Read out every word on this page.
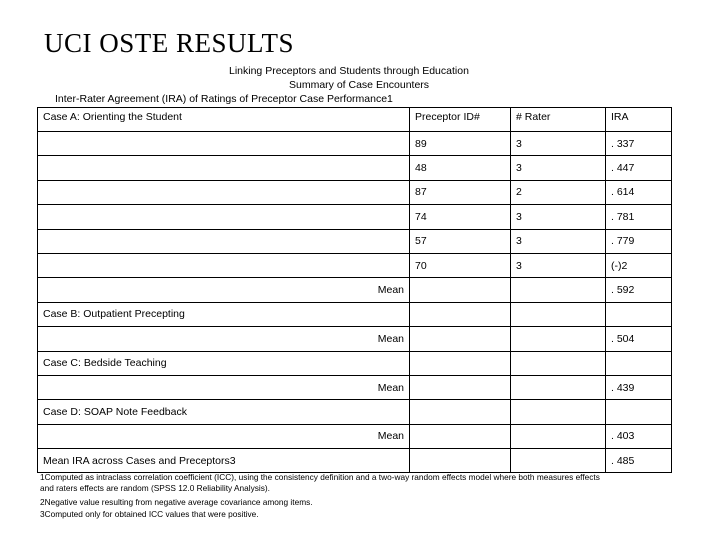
UCI OSTE RESULTS
Linking Preceptors and Students through Education
Summary of Case Encounters
Inter-Rater Agreement (IRA) of Ratings of Preceptor Case Performance1
Case A: Orienting the Student	Preceptor ID#	# Rater	IRA
	89	3	. 337
	48	3	. 447
	87	2	. 614
	74	3	. 781
	57	3	. 779
	70	3	(-)2
Mean			. 592
Case B: Outpatient Precepting			
Mean			. 504
Case C: Bedside Teaching			
Mean			. 439
Case D: SOAP Note Feedback			
Mean			. 403
Mean IRA across Cases and Preceptors3			. 485
1Computed as intraclass correlation coefficient (ICC), using the consistency definition and a two-way random effects model where both measures effects
and raters effects are random (SPSS 12.0 Reliability Analysis).
2Negative value resulting from negative average covariance among items.
3Computed only for obtained ICC values that were positive.
